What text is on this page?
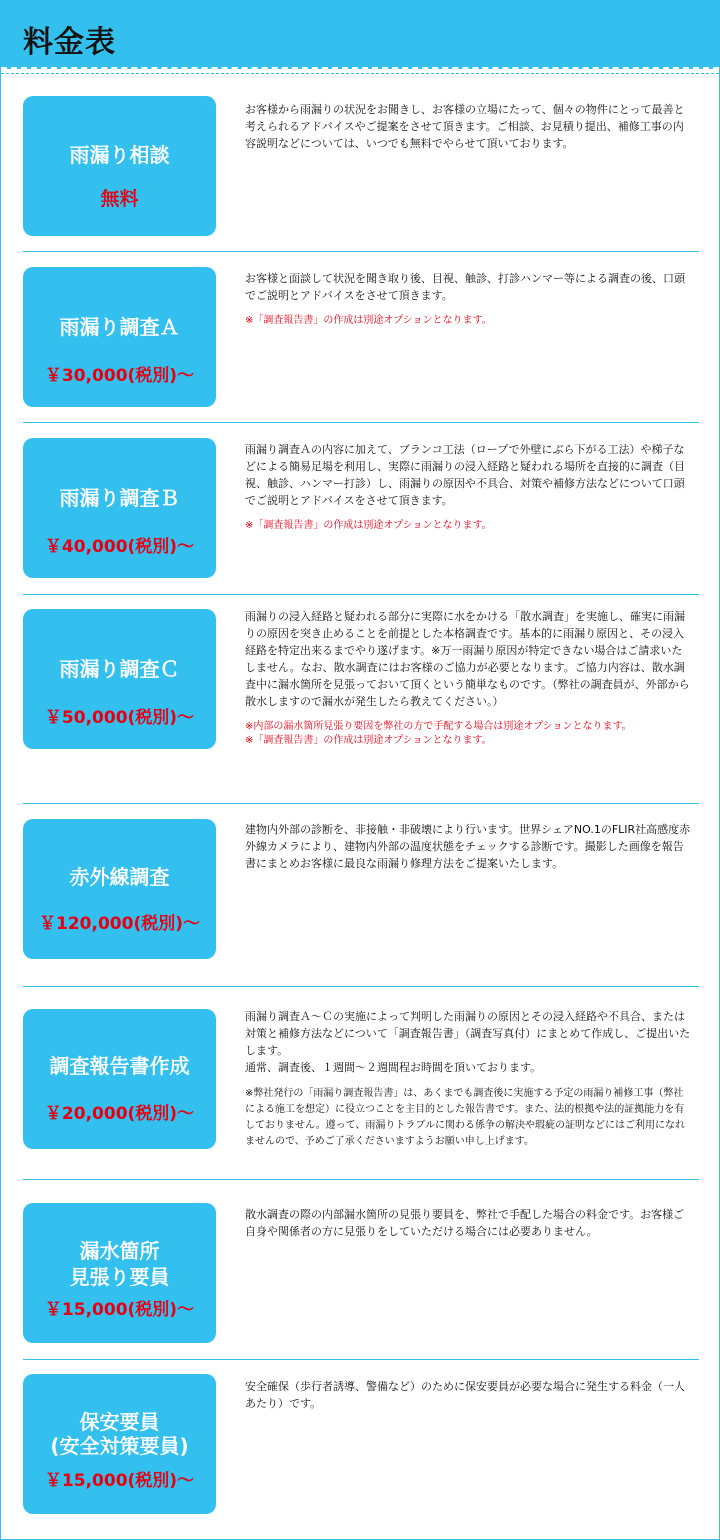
料金表
雨漏り相談
無料

お客様から雨漏りの状況をお聞きし、お客様の立場にたって、個々の物件にとって最善と考えられるアドバイスやご提案をさせて頂きます。ご相談、お見積り提出、補修工事の内容説明などについては、いつでも無料でやらせて頂いております。

雨漏り調査Ａ
￥30,000(税別)～

お客様と面談して状況を聞き取り後、目視、触診、打診ハンマー等による調査の後、口頭でご説明とアドバイスをさせて頂きます。

※「調査報告書」の作成は別途オプションとなります。

雨漏り調査Ｂ
￥40,000(税別)～

雨漏り調査Ａの内容に加えて、ブランコ工法（ロープで外壁にぶら下がる工法）や梯子などによる簡易足場を利用し、実際に雨漏りの浸入経路と疑われる場所を直接的に調査（目視、触診、ハンマー打診）し、雨漏りの原因や不具合、対策や補修方法などについて口頭でご説明とアドバイスをさせて頂きます。

※「調査報告書」の作成は別途オプションとなります。

雨漏り調査Ｃ
￥50,000(税別)～

雨漏りの浸入経路と疑われる部分に実際に水をかける「散水調査」を実施し、確実に雨漏りの原因を突き止めることを前提とした本格調査です。基本的に雨漏り原因と、その浸入経路を特定出来るまでやり遂げます。※万一雨漏り原因が特定できない場合はご請求いたしません。なお、散水調査にはお客様のご協力が必要となります。ご協力内容は、散水調査中に漏水箇所を見張っておいて頂くという簡単なものです。（弊社の調査員が、外部から散水しますので漏水が発生したら教えてください。）

※内部の漏水箇所見張り要因を弊社の方で手配する場合は別途オプションとなります。

※「調査報告書」の作成は別途オプションとなります。

赤外線調査
￥120,000(税別)～

建物内外部の診断を、非接触・非破壊により行います。世界シェアNO.1のFLIR社高感度赤外線カメラにより、建物内外部の温度状態をチェックする診断です。撮影した画像を報告書にまとめお客様に最良な雨漏り修理方法をご提案いたします。

調査報告書作成
￥20,000(税別)～

雨漏り調査Ａ～Ｃの実施によって判明した雨漏りの原因とその浸入経路や不具合、または対策と補修方法などについて「調査報告書」（調査写真付）にまとめて作成し、ご提出いたします。

通常、調査後、１週間～２週間程お時間を頂いております。

※弊社発行の「雨漏り調査報告書」は、あくまでも調査後に実施する予定の雨漏り補修工事（弊社による施工を想定）に役立つことを主目的とした報告書です。また、法的根拠や法的証拠能力を有しておりません。遵って、雨漏りトラブルに関わる係争の解決や瑕疵の証明などにはご利用になれませんので、予めご了承くださいますようお願い申し上げます。

漏水箇所
見張り要員
￥15,000(税別)～

散水調査の際の内部漏水箇所の見張り要員を、弊社で手配した場合の料金です。お客様ご自身や関係者の方に見張りをしていただける場合には必要ありません。

保安要員
(安全対策要員)
￥15,000(税別)～

安全確保（歩行者誘導、警備など）のために保安要員が必要な場合に発生する料金（一人あたり）です。
